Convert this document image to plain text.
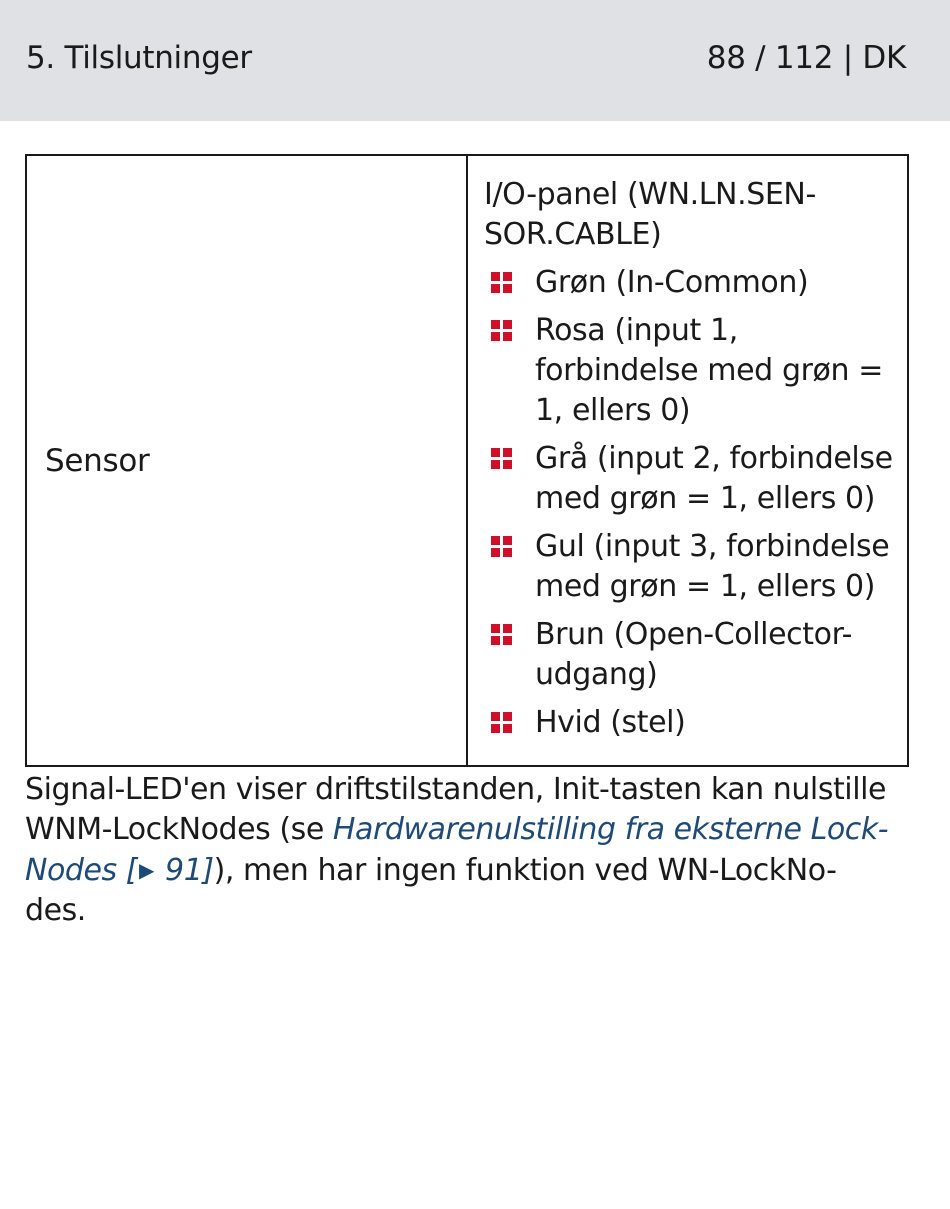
5. Tilslutninger	88 / 112 | DK
Sensor

I/O-panel (WN.LN.SEN-
SOR.CABLE)
Grøn (In-Common)
Rosa (input 1,
forbindelse med grøn =
1, ellers 0)
Grå (input 2, forbindelse
med grøn = 1, ellers 0)
Gul (input 3, forbindelse
med grøn = 1, ellers 0)
Brun (Open-Collector-
udgang)
Hvid (stel)
Signal-LED'en viser driftstilstanden, Init-tasten kan nulstille
WNM-LockNodes (se Hardwarenulstilling fra eksterne Lock-
Nodes [ ▶ 91]), men har ingen funktion ved WN-LockNo-
des.
